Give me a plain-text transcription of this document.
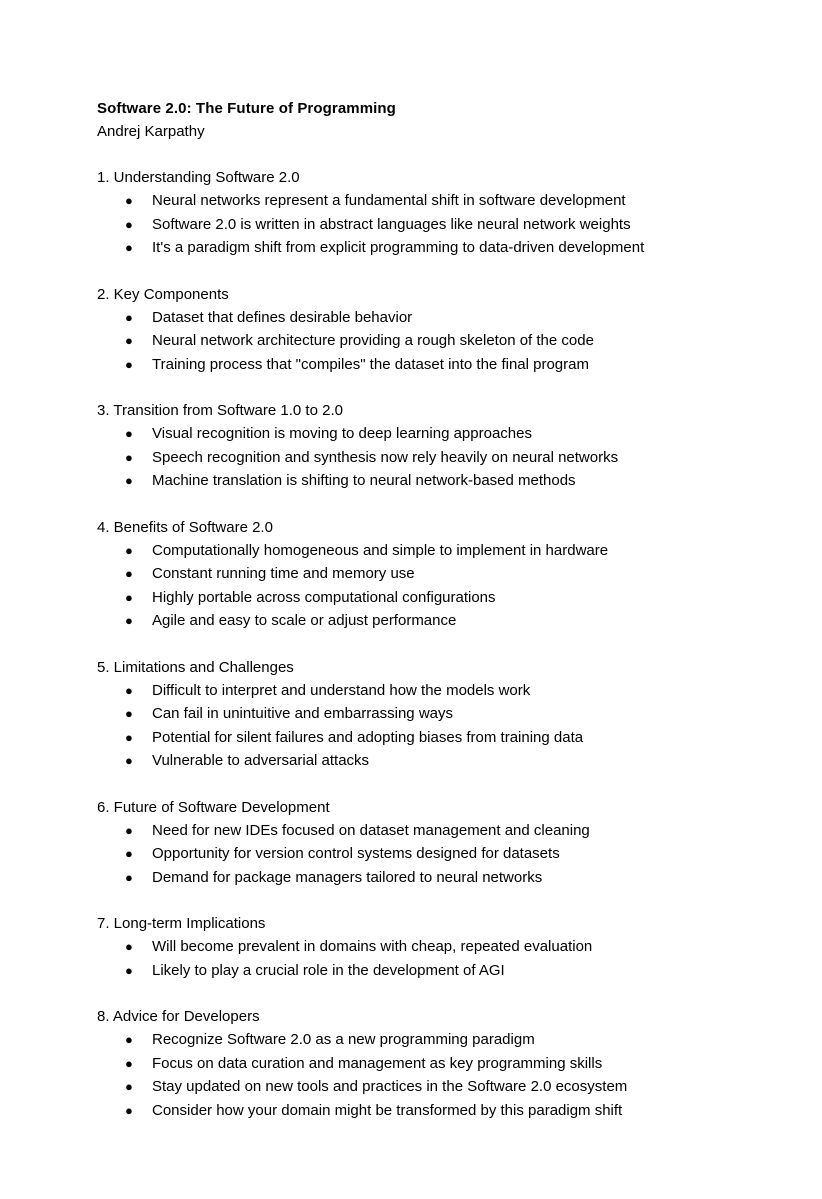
Software 2.0: The Future of Programming
Andrej Karpathy
1. Understanding Software 2.0
● Neural networks represent a fundamental shift in software development
● Software 2.0 is written in abstract languages like neural network weights
● It's a paradigm shift from explicit programming to data-driven development
2. Key Components
● Dataset that defines desirable behavior
● Neural network architecture providing a rough skeleton of the code
● Training process that "compiles" the dataset into the final program
3. Transition from Software 1.0 to 2.0
● Visual recognition is moving to deep learning approaches
● Speech recognition and synthesis now rely heavily on neural networks
● Machine translation is shifting to neural network-based methods
4. Benefits of Software 2.0
● Computationally homogeneous and simple to implement in hardware
● Constant running time and memory use
● Highly portable across computational configurations
● Agile and easy to scale or adjust performance
5. Limitations and Challenges
● Difficult to interpret and understand how the models work
● Can fail in unintuitive and embarrassing ways
● Potential for silent failures and adopting biases from training data
● Vulnerable to adversarial attacks
6. Future of Software Development
● Need for new IDEs focused on dataset management and cleaning
● Opportunity for version control systems designed for datasets
● Demand for package managers tailored to neural networks
7. Long-term Implications
● Will become prevalent in domains with cheap, repeated evaluation
● Likely to play a crucial role in the development of AGI
8. Advice for Developers
● Recognize Software 2.0 as a new programming paradigm
● Focus on data curation and management as key programming skills
● Stay updated on new tools and practices in the Software 2.0 ecosystem
● Consider how your domain might be transformed by this paradigm shift
